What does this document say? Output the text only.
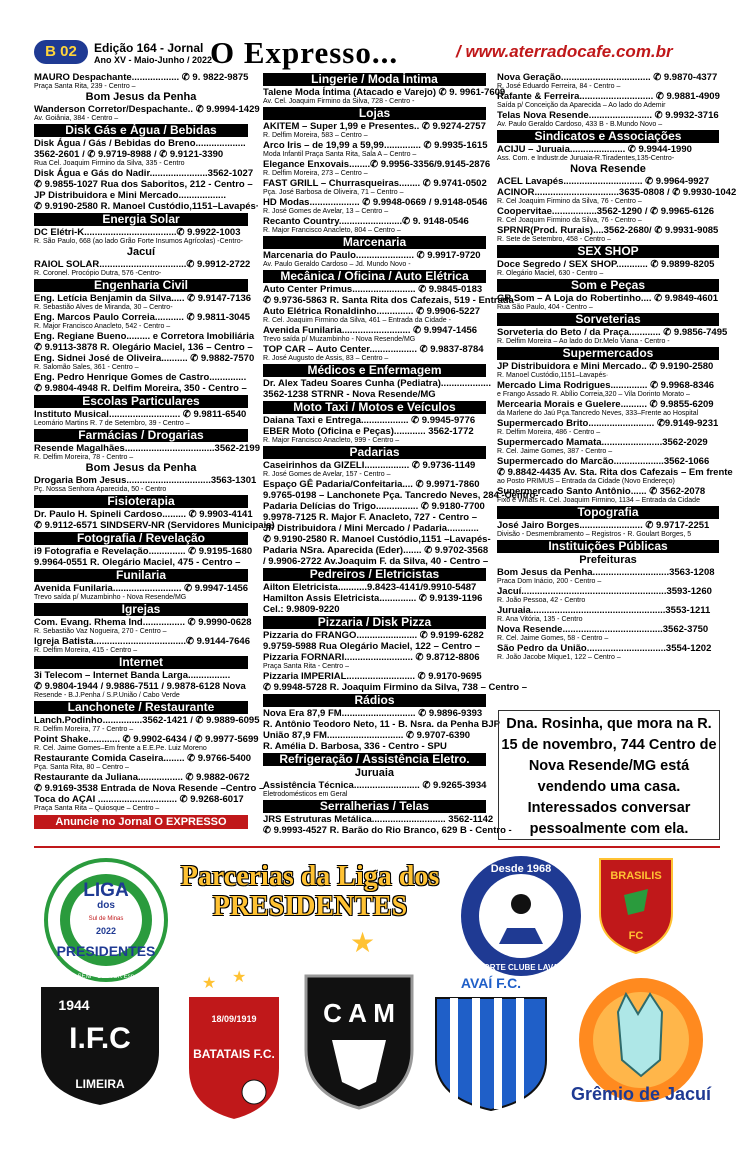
B 02	Edição 164 - Jornal
Ano XV - Maio-Junho / 2022
O Expresso...	/ www.aterradocafe.com.br
MAURO Despachante.................. ✆ 9. 9822-9875
Praça Santa Rita, 239 - Centro –
Bom Jesus da Penha
Wanderson Corretor/Despachante.. ✆ 9.9994-1429
Av. Goiânia, 384 - Centro –
Disk Gás e Água / Bebidas
Disk Água / Gás / Bebidas do Breno...................
3562-2601 / ✆ 9.9719-8988 / ✆ 9.9121-3390
Rua Cel. Joaquim Firmino da Silva, 335 - Centro
Disk Água e Gás do Nadir......................3562-1027
✆ 9.9855-1027 Rua dos Saboritos, 212 - Centro –
JP Distribuidora e Mini Mercado..................
✆ 9.9190-2580 R. Manoel Custódio,1151–Lavapés·
Energia Solar
DC Elétri-K...................................✆ 9.9922-1003
R. São Paulo, 668 (ao lado Grão Forte Insumos Agrícolas) -Centro-
Jacuí
RAIOL SOLAR.................................✆ 9.9912-2722
R. Coronel. Procópio Dutra, 576 -Centro-
Engenharia Civil
Eng. Letícia Benjamin da Silva..... ✆ 9.9147-7136
R. Sebastião Alves de Miranda, 30 – Centro-
Eng. Marcos Paulo Correia........... ✆ 9.9811-3045
R. Major Francisco Anacleto, 542 - Centro –
Eng. Regiane Bueno......... e Corretora Imobiliária
✆ 9.9113-3878 R. Olegário Maciel, 136 – Centro –
Eng. Sidnei José de Oliveira.......... ✆ 9.9882-7570
R. Salomão Sales, 361 - Centro –
Eng. Pedro Henrique Gomes de Castro..............
✆ 9.9804-4948 R. Delfim Moreira, 350 - Centro –
Escolas Particulares
Instituto Musical........................... ✆ 9.9811-6540
Leomário Martins R. 7 de Setembro, 39 - Centro –
Farmácias / Drogarias
Resende Magalhães..................................3562-2199
R. Delfim Moreira, 78 - Centro –
Bom Jesus da Penha
Drogaria Bom Jesus................................3563-1301
Pç. Nossa Senhora Aparecida, 50 - Centro
Fisioterapia
Dr. Paulo H. Spineli Cardoso......... ✆ 9.9903-4141
✆ 9.9112-6571 SINDSERV-NR (Servidores Municipais)
Fotografia / Revelação
i9 Fotografia e Revelação.............. ✆ 9.9195-1680
9.9964-0551 R. Olegário Maciel, 475 - Centro –
Funilaria
Avenida Funilaria.......................... ✆ 9.9947-1456
Trevo saída p/ Muzambinho - Nova Resende/MG
Igrejas
Com. Evang. Rhema Ind................ ✆ 9.9990-0628
R. Sebastião Vaz Nogueira, 270 - Centro –
Igreja Batista...................................✆ 9.9144-7646
R. Delfim Moreira, 415 - Centro –
Internet
3i Telecom – Internet Banda Larga................
✆ 9.9804-1944 / 9.9886-7511 / 9.9878-6128 Nova
Resende - B.J.Penha / S.P.União / Cabo Verde
Lanchonete / Restaurante
Lanch.Podinho...............3562-1421 / ✆ 9.9889-6095
R. Delfim Moreira, 77 - Centro –
Point Shake............ ✆ 9.9902-6434 / ✆ 9.9977-5699
R. Cel. Jaime Gomes–Em frente a E.E.Pe. Luiz Moreno
Restaurante Comida Caseira........ ✆ 9.9766-5400
Pça. Santa Rita, 80 – Centro –
Restaurante da Juliana................. ✆ 9.9882-0672
✆ 9.9169-3538 Entrada de Nova Resende –Centro –
Toca do AÇAI .............................. ✆ 9.9268-6017
Praça Santa Rita – Quiosque – Centro –
Anuncie no Jornal O EXPRESSO
Lingerie / Moda Íntima
Talene Moda Íntima (Atacado e Varejo) ✆ 9. 9961-7609
Av. Cel. Joaquim Firmino da Silva, 728 - Centro -
Lojas
AKITEM – Super 1,99 e Presentes.. ✆ 9.9274-2757
R. Delfim Moreira, 583 – Centro –
Arco Iris – de 19,99 a 59,99.............. ✆ 9.9935-1615
Moda Infantil Praça Santa Rita, Sala A – Centro –
Elegance Enxovais........✆ 9.9956-3356/9.9145-2876
R. Delfim Moreira, 273 – Centro –
FAST GRILL – Churrasqueiras........ ✆ 9.9741-0502
Pça. José Barbosa de Oliveira, 71 – Centro –
HD Modas................... ✆ 9.9948-0669 / 9.9148-0546
R. José Gomes de Avelar, 13 – Centro –
Recanto Country........................✆ 9. 9148-0546
R. Major Francisco Anacleto, 804 – Centro –
Marcenaria
Marcenaria do Paulo...................... ✆ 9.9917-9720
Av. Paulo Geraldo Cardoso – Jd. Mundo Novo -
Mecânica / Oficina / Auto Elétrica
Auto Center Primus........................ ✆ 9.9845-0183
✆ 9.9736-5863 R. Santa Rita dos Cafezais, 519 - Entrada
Auto Elétrica Ronaldinho.............. ✆ 9.9906-5227
R. Cel. Joaquim Firmino da Silva, 461 – Entrada da Cidade -
Avenida Funilaria.......................... ✆ 9.9947-1456
Trevo saída p/ Muzambinho - Nova Resende/MG
TOP CAR – Auto Center.................. ✆ 9.9837-8784
R. José Augusto de Assis, 83 – Centro –
Médicos e Enfermagem
Dr. Alex Tadeu Soares Cunha (Pediatra)...................
3562-1238 STRNR - Nova Resende/MG
Moto Taxi / Motos e Veículos
Daiana Taxi e Entrega.................. ✆ 9.9945-9776
EBER Moto (Oficina e Peças)............ 3562-1772
R. Major Francisco Anacleto, 999 - Centro –
Padarias
Caseirinhos da GIZELI................. ✆ 9.9736-1149
R. José Gomes de Avelar, 157 - Centro –
Espaço GÊ Padaria/Confeitaria.... ✆ 9.9971-7860
9.9765-0198 – Lanchonete Pça. Tancredo Neves, 284 -Centro-
Padaria Delícias do Trigo................ ✆ 9.9180-7700
9.9978-7125 R. Major F. Anacleto, 727 - Centro –
JP Distribuidora / Mini Mercado / Padaria............
✆ 9.9190-2580 R. Manoel Custódio,1151 –Lavapés-
Padaria NSra. Aparecida (Eder)....... ✆ 9.9702-3568
/ 9.9906-2722 Av.Joaquim F. da Silva, 40 - Centro –
Pedreiros / Eletricistas
Ailton Eletricista...........9.8423-4141/9.9910-5487
Hamilton Assis Eletricista.............. ✆ 9.9139-1196
Cel.: 9.9809-9220
Pizzaria / Disk Pizza
Pizzaria do FRANGO....................... ✆ 9.9199-6282
9.9759-5988 Rua Olegário Maciel, 122 – Centro –
Pizzaria FORNARI.......................... ✆ 9.8712-8806
Praça Santa Rita - Centro –
Pizzaria IMPERIAL.......................... ✆ 9.9170-9695
✆ 9.9948-5728 R. Joaquim Firmino da Silva, 738 – Centro –
Rádios
Nova Era 87,9 FM............................ ✆ 9.9896-9393
R. Antônio Teodoro Neto, 11 - B. Nsra. da Penha BJP
União 87,9 FM............................. ✆ 9.9707-6390
R. Amélia D. Barbosa, 336 - Centro - SPU
Refrigeração / Assistência Eletro.
Juruaia
Assistência Técnica......................... ✆ 9.9265-3934
Eletrodomésticos em Geral
Serralherias / Telas
JRS Estruturas Metálica............................ 3562-1142
✆ 9.9993-4527 R. Barão do Rio Branco, 629 B - Centro -
Nova Geração.................................. ✆ 9.9870-4377
R. José Eduardo Ferreira, 84 - Centro –
Rafante & Ferreira............................ ✆ 9.9881-4909
Saída p/ Conceição da Aparecida – Ao lado do Ademir
Telas Nova Resende........................ ✆ 9.9932-3716
Av. Paulo Geraldo Cardoso, 433 B - B.Mundo Novo –
Sindicatos e Associações
ACIJU – Juruaia..................... ✆ 9.9944-1990
Ass. Com. e Industr.de Juruaia-R.Tiradentes,135-Centro-
Nova Resende
ACEL Lavapés.............................. ✆ 9.9964-9927
ACINOR................................3635-0808 / ✆ 9.9930-1042
R. Cel Joaquim Firmino da Silva, 76 - Centro –
Coopervitae.................3562-1290 / ✆ 9.9965-6126
R. Cel Joaquim Firmino da Silva, 76 - Centro –
SPRNR(Prod. Rurais)....3562-2680/ ✆ 9.9931-9085
R. Sete de Setembro, 458 - Centro –
SEX SHOP
Doce Segredo / SEX SHOP............ ✆ 9.9899-8205
R. Olegário Maciel, 630 - Centro –
Som e Peças
GR Som – A Loja do Robertinho.... ✆ 9.9849-4601
Rua São Paulo, 404 - Centro –
Sorveterias
Sorveteria do Beto / da Praça............ ✆ 9.9856-7495
R. Delfim Moreira – Ao lado do Dr.Melo Viana - Centro -
Supermercados
JP Distribuidora e Mini Mercado.. ✆ 9.9190-2580
R. Manoel Custódio,1151–Lavapés·
Mercado Lima Rodrigues.............. ✆ 9.9968-8346
e Frango Assado R. Abílio Correia,320 – Vila Dorinto Morato –
Mercearia Morais e Guelere.......... ✆ 9.9855-6209
da Marlene do Jaú Pça.Tancredo Neves, 333–Frente ao Hospital
Supermercado Brito......................... ✆9.9149-9231
R. Delfim Moreira, 486 - Centro –
Supermercado Mamata.......................3562-2029
R. Cel. Jaime Gomes, 387 - Centro –
Supermercado do Marcão...................3562-1066
✆ 9.8842-4435 Av. Sta. Rita dos Cafezais – Em frente
ao Posto PRIMUS – Entrada da Cidade (Novo Endereço)
Supermercado Santo Antônio...... ✆ 3562-2078
Fixo e Whats R. Cel. Joaquim Firmino, 1134 – Entrada da Cidade
Topografia
José Jairo Borges........................ ✆ 9.9717-2251
Divisão - Desmembramento – Registros - R. Goulart Borges, 5
Instituições Públicas
Prefeituras
Bom Jesus da Penha.............................3563-1208
Praca Dom Inácio, 200 - Centro –
Jacuí.......................................................3593-1260
R. João Pessoa, 42 - Centro
Juruaia...................................................3553-1211
R. Ana Vitória, 135 - Centro
Nova Resende......................................3562-3750
R. Cel. Jaime Gomes, 58 - Centro –
São Pedro da União..............................3554-1202
R. João Jacobe Mique1, 122 – Centro –
Dna. Rosinha, que mora na R. 15 de novembro, 744 Centro de Nova Resende/MG está vendendo uma casa. Interessados conversar pessoalmente com ela.
Parcerias da Liga dos PRESIDENTES
★
LIGA
dos
Sul de Minas
2022
PRESIDENTES
Prof. SENI - GESTOR Esportivo
Desde 1968
ESPORTE CLUBE LAVAPÉS
BRASILIS
FC
1944
I.F.C
LIMEIRA
★ ★
18/09/1919
BATATAIS F.C.
C A M
AVAÍ F.C.
Grêmio de Jacuí
